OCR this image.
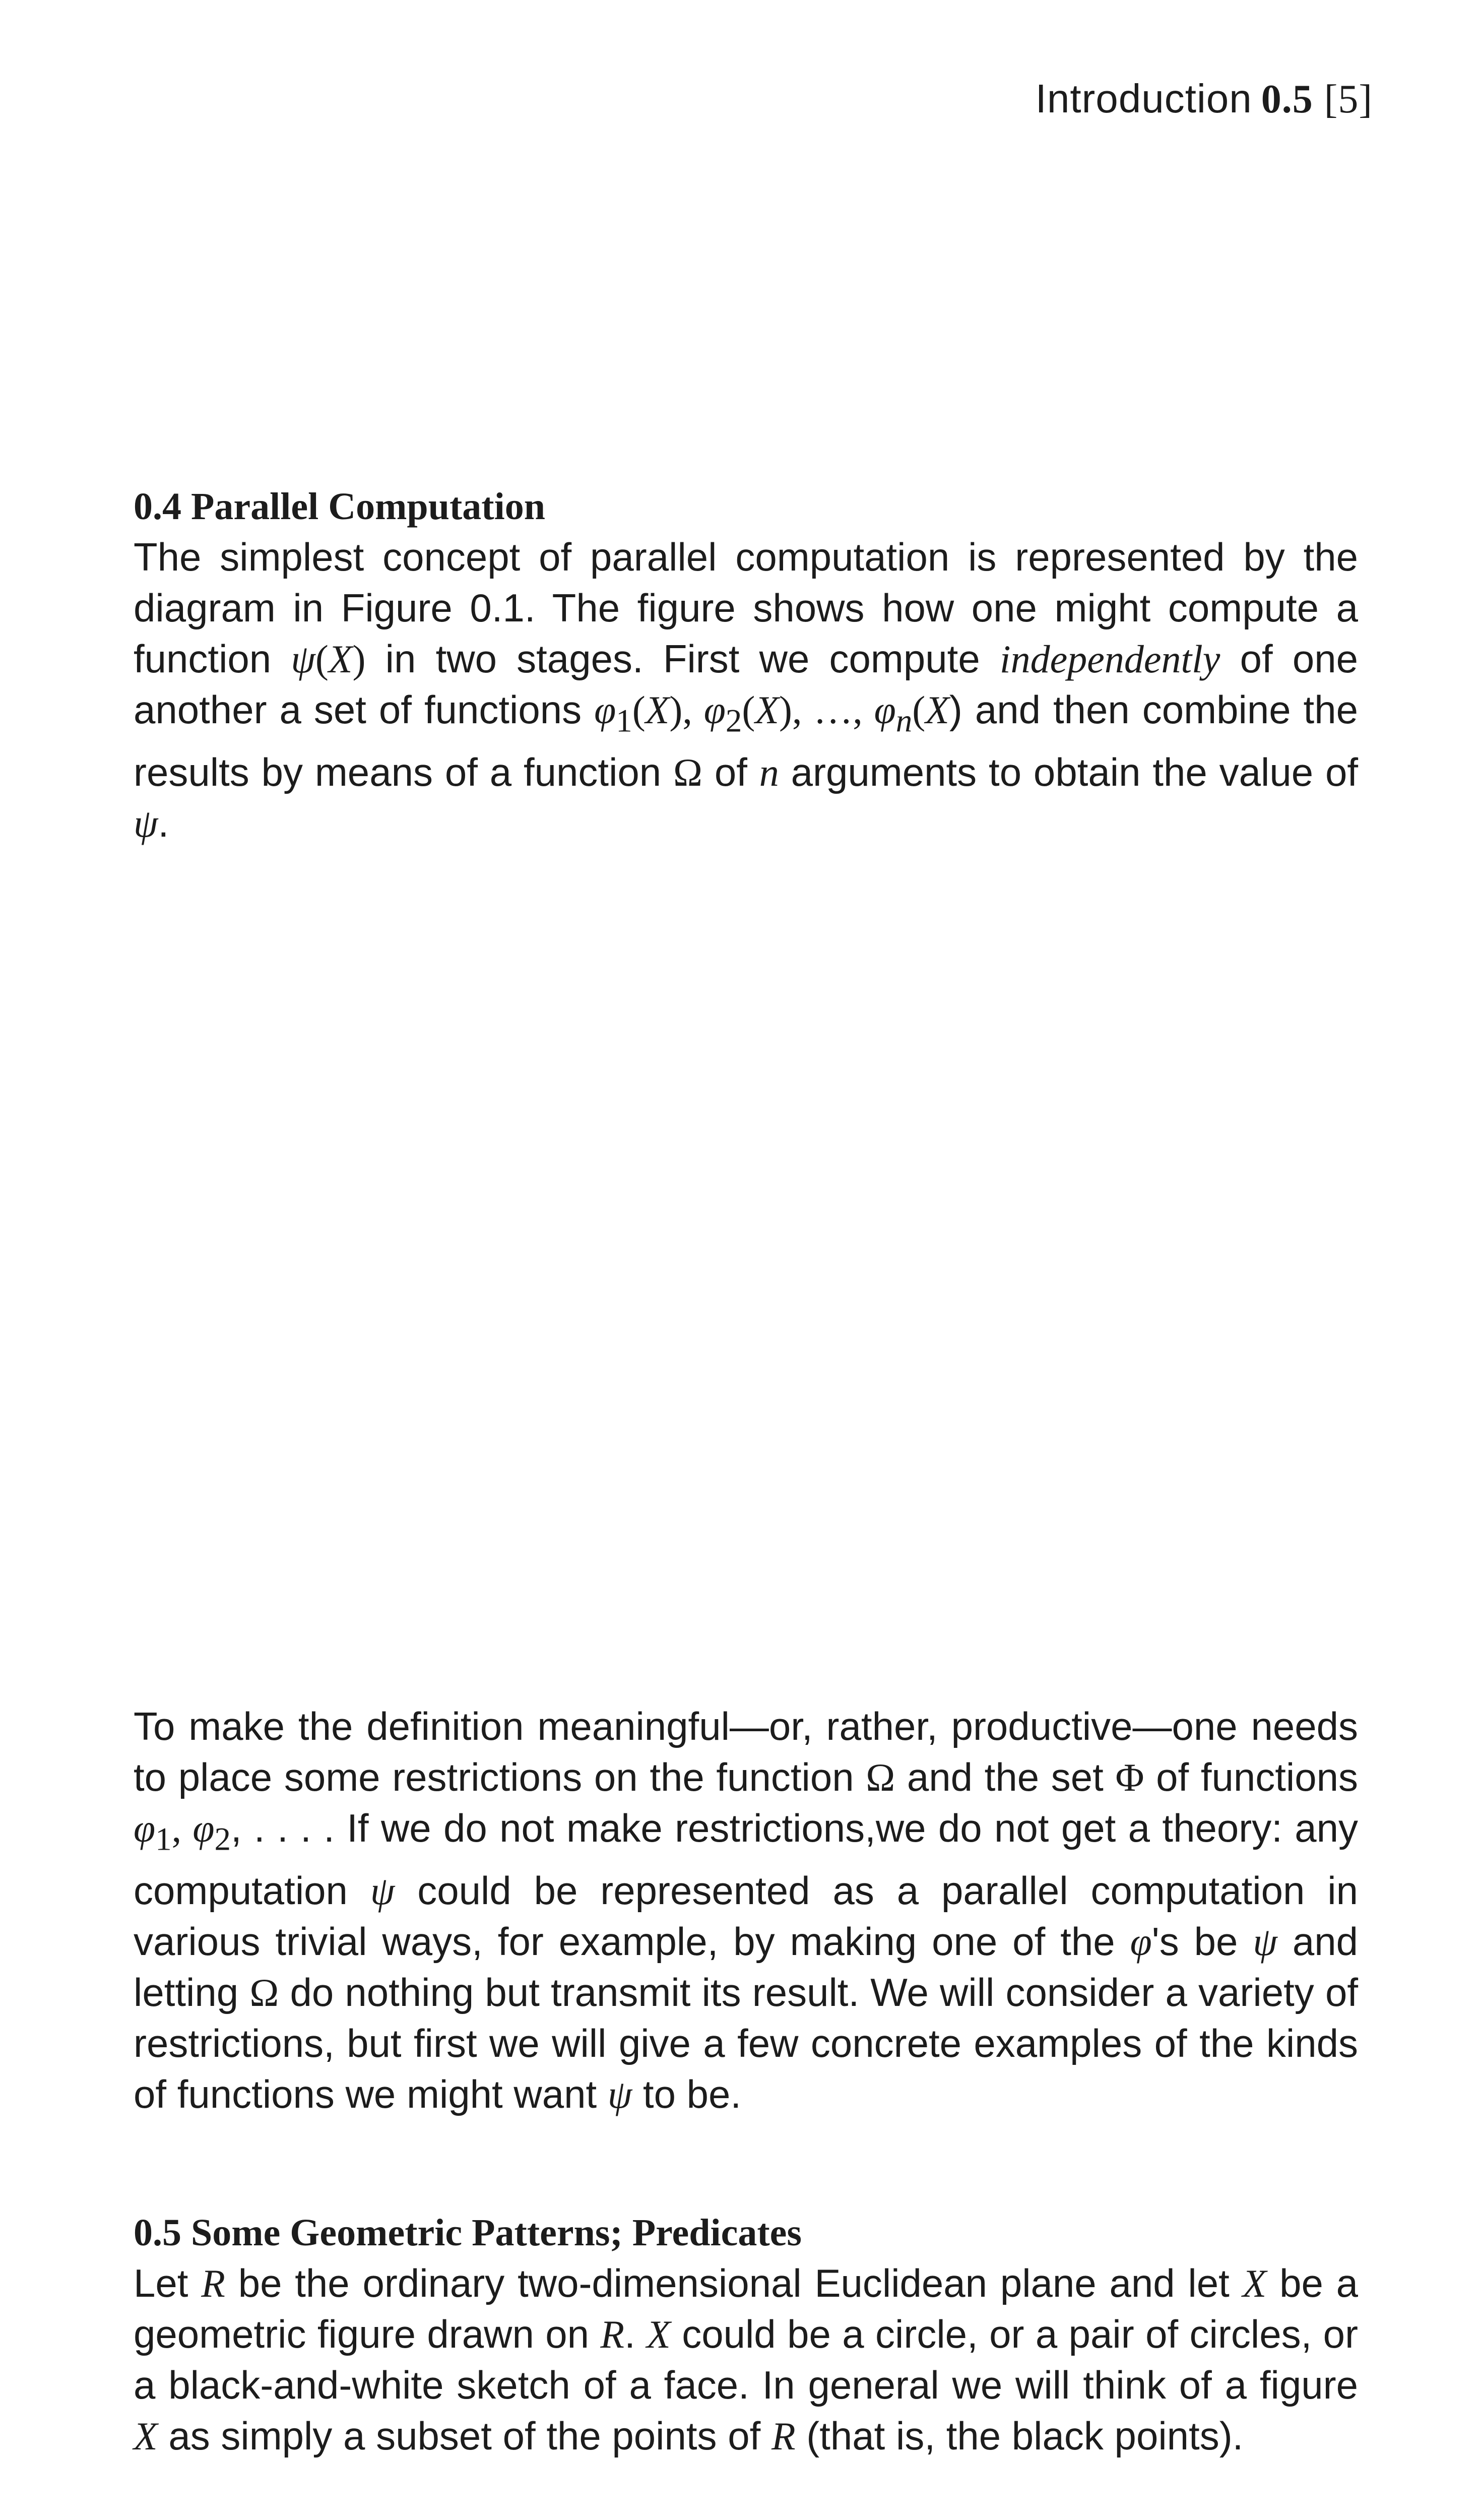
Introduction 0.5 [5]
0.4 Parallel Computation

The simplest concept of parallel computation is represented by the diagram in Figure 0.1. The figure shows how one might compute a function ψ(X) in two stages. First we compute independently of one another a set of functions $\varphi_1(X)$, $\varphi_2(X)$, …, $\varphi_n(X)$ and then combine the results by means of a function Ω of n arguments to obtain the value of ψ.

To make the definition meaningful—or, rather, productive—one needs to place some restrictions on the function Ω and the set Φ of functions $\varphi_1$, $\varphi_2$, . . . . If we do not make restrictions,we do not get a theory: any computation ψ could be represented as a parallel computation in various trivial ways, for example, by making one of the φ's be ψ and letting Ω do nothing but transmit its result. We will consider a variety of restrictions, but first we will give a few concrete examples of the kinds of functions we might want ψ to be.

0.5 Some Geometric Patterns; Predicates

Let R be the ordinary two-dimensional Euclidean plane and let X be a geometric figure drawn on R. X could be a circle, or a pair of circles, or a black-and-white sketch of a face. In general we will think of a figure X as simply a subset of the points of R (that is, the black points).
